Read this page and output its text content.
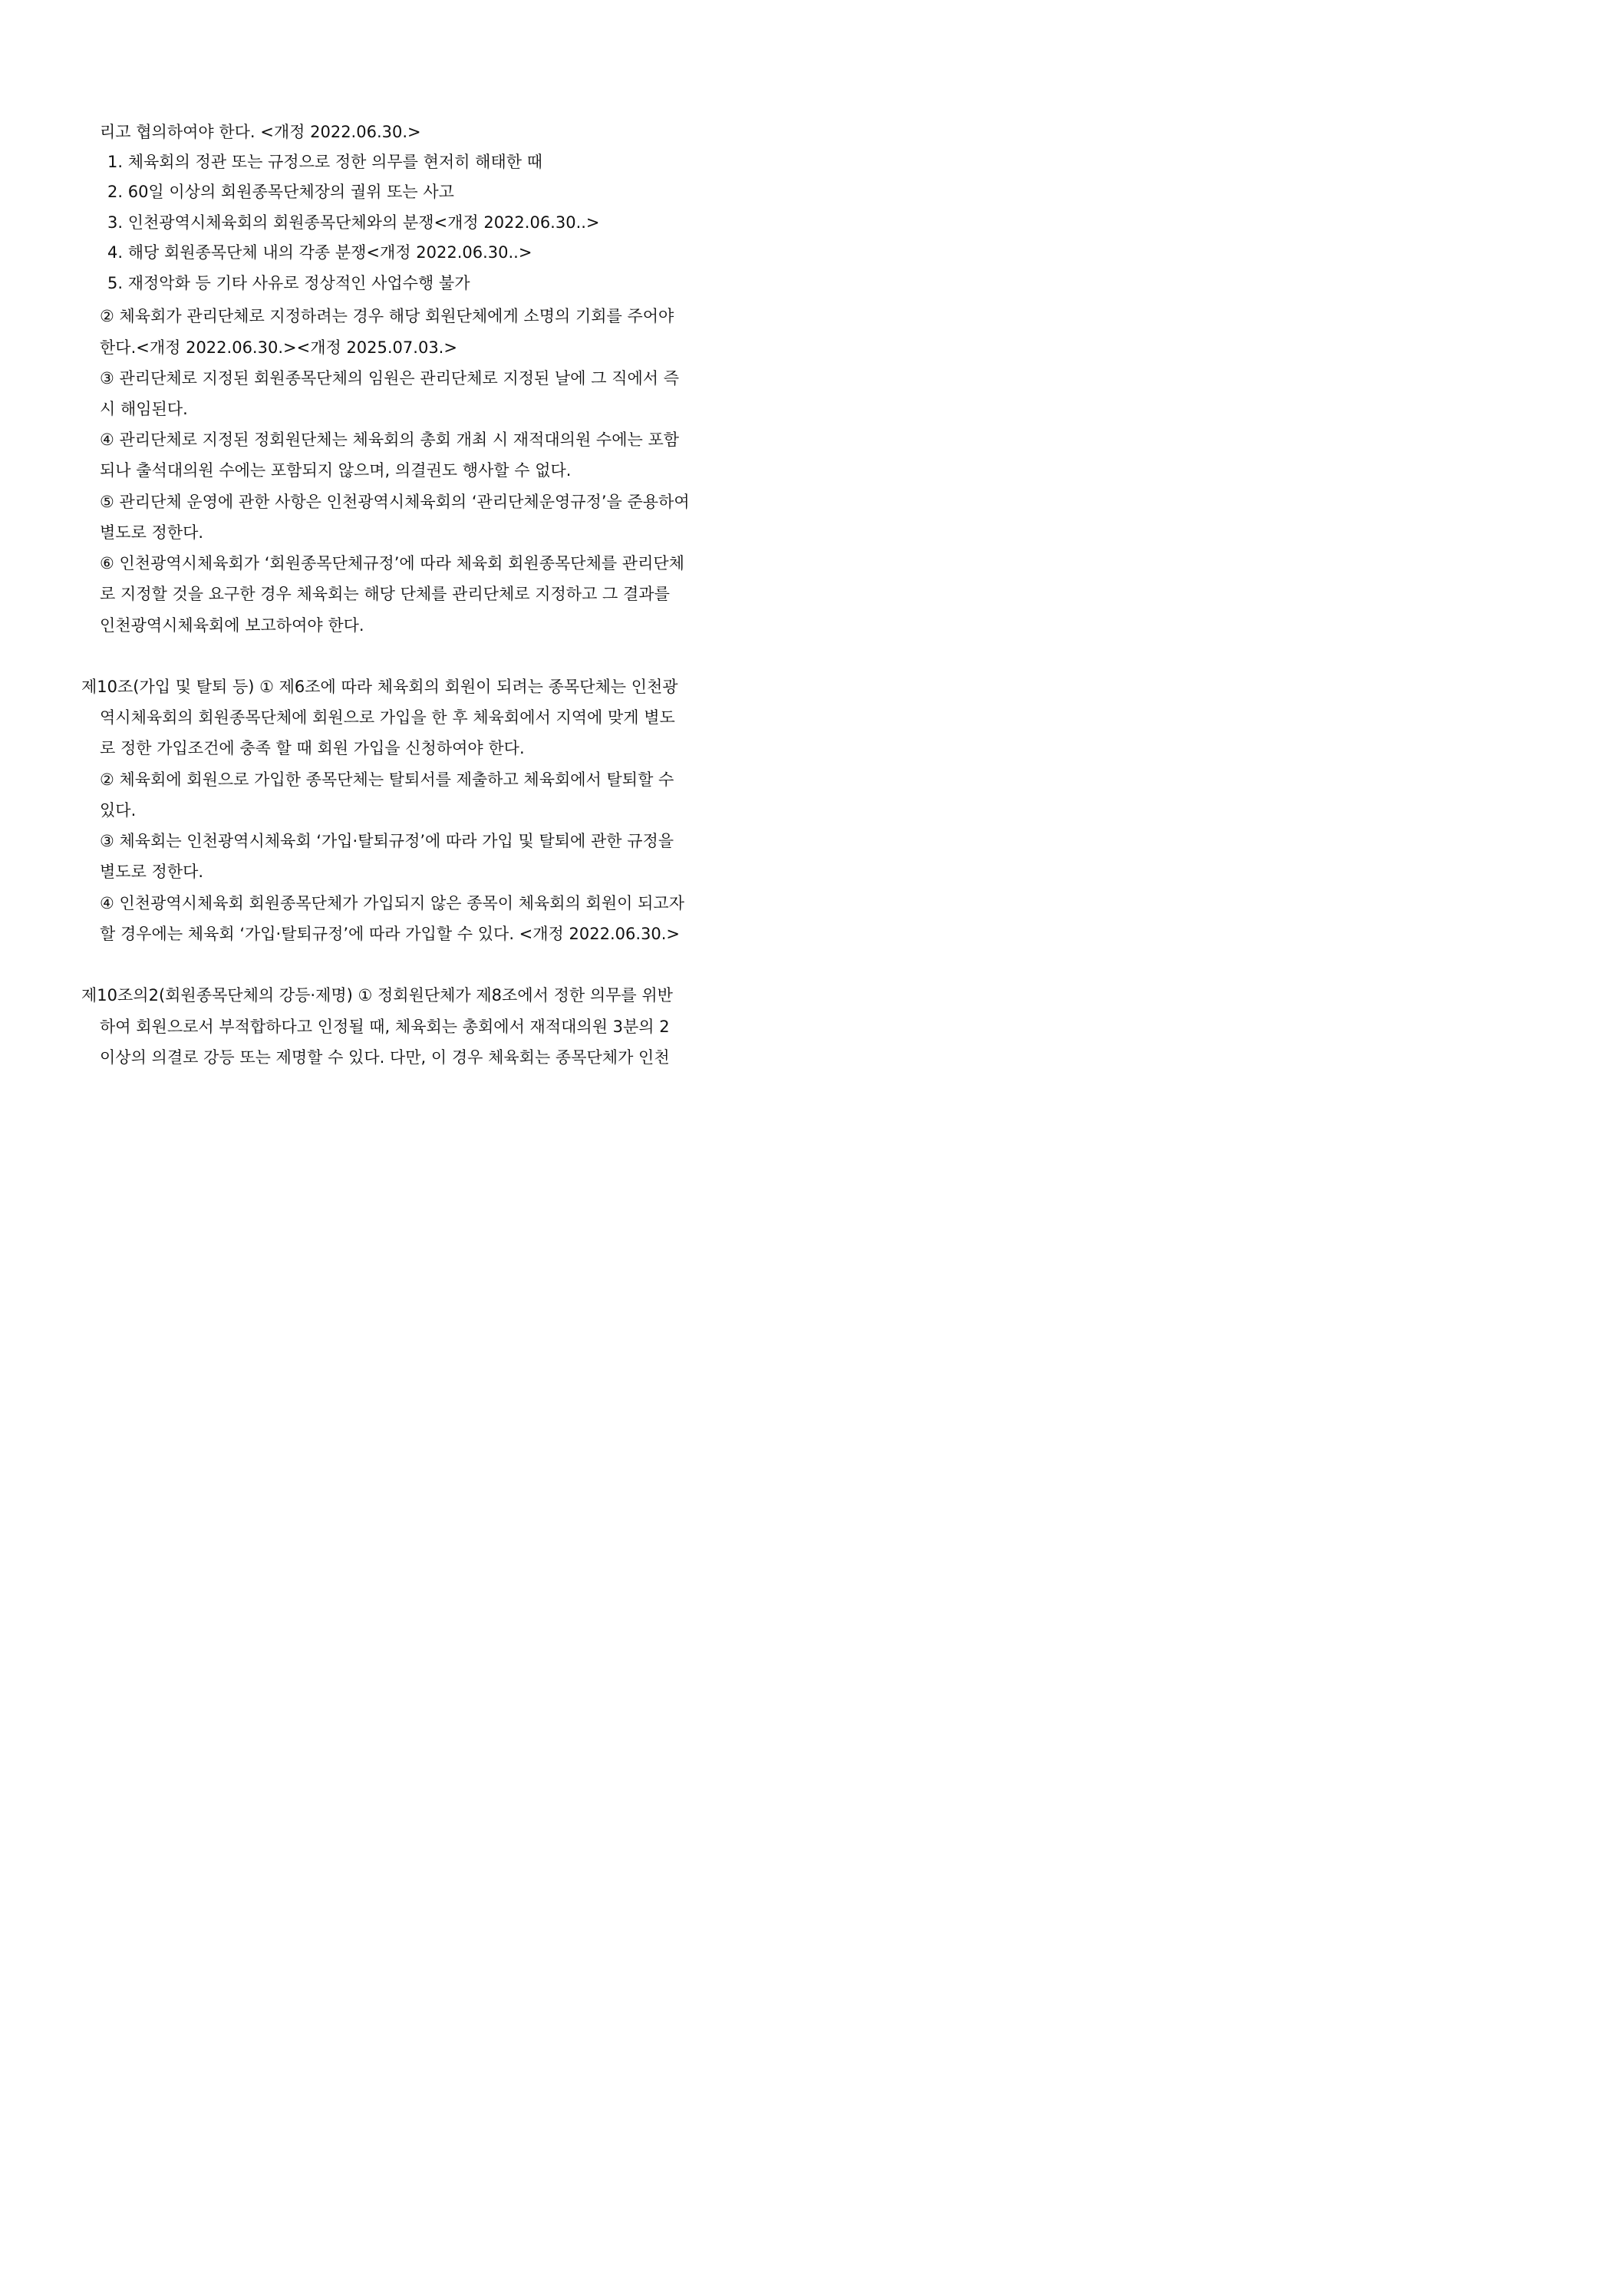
리고 협의하여야 한다. <개정 2022.06.30.>
1. 체육회의 정관 또는 규정으로 정한 의무를 현저히 해태한 때
2. 60일 이상의 회원종목단체장의 궐위 또는 사고
3. 인천광역시체육회의 회원종목단체와의 분쟁<개정 2022.06.30..>
4. 해당 회원종목단체 내의 각종 분쟁<개정 2022.06.30..>
5. 재정악화 등 기타 사유로 정상적인 사업수행 불가
② 체육회가 관리단체로 지정하려는 경우 해당 회원단체에게 소명의 기회를 주어야
한다.<개정 2022.06.30.><개정 2025.07.03.>
③ 관리단체로 지정된 회원종목단체의 임원은 관리단체로 지정된 날에 그 직에서 즉
시 해임된다.
④ 관리단체로 지정된 정회원단체는 체육회의 총회 개최 시 재적대의원 수에는 포함
되나 출석대의원 수에는 포함되지 않으며, 의결권도 행사할 수 없다.
⑤ 관리단체 운영에 관한 사항은 인천광역시체육회의 ‘관리단체운영규정’을 준용하여
별도로 정한다.
⑥ 인천광역시체육회가 ‘회원종목단체규정’에 따라 체육회 회원종목단체를 관리단체
로 지정할 것을 요구한 경우 체육회는 해당 단체를 관리단체로 지정하고 그 결과를
인천광역시체육회에 보고하여야 한다.
제10조(가입 및 탈퇴 등) ① 제6조에 따라 체육회의 회원이 되려는 종목단체는 인천광
역시체육회의 회원종목단체에 회원으로 가입을 한 후 체육회에서 지역에 맞게 별도
로 정한 가입조건에 충족 할 때 회원 가입을 신청하여야 한다.
② 체육회에 회원으로 가입한 종목단체는 탈퇴서를 제출하고 체육회에서 탈퇴할 수
있다.
③ 체육회는 인천광역시체육회 ‘가입·탈퇴규정’에 따라 가입 및 탈퇴에 관한 규정을
별도로 정한다.
④ 인천광역시체육회 회원종목단체가 가입되지 않은 종목이 체육회의 회원이 되고자
할 경우에는 체육회 ‘가입·탈퇴규정’에 따라 가입할 수 있다. <개정 2022.06.30.>
제10조의2(회원종목단체의 강등·제명) ① 정회원단체가 제8조에서 정한 의무를 위반
하여 회원으로서 부적합하다고 인정될 때, 체육회는 총회에서 재적대의원 3분의 2
이상의 의결로 강등 또는 제명할 수 있다. 다만, 이 경우 체육회는 종목단체가 인천
